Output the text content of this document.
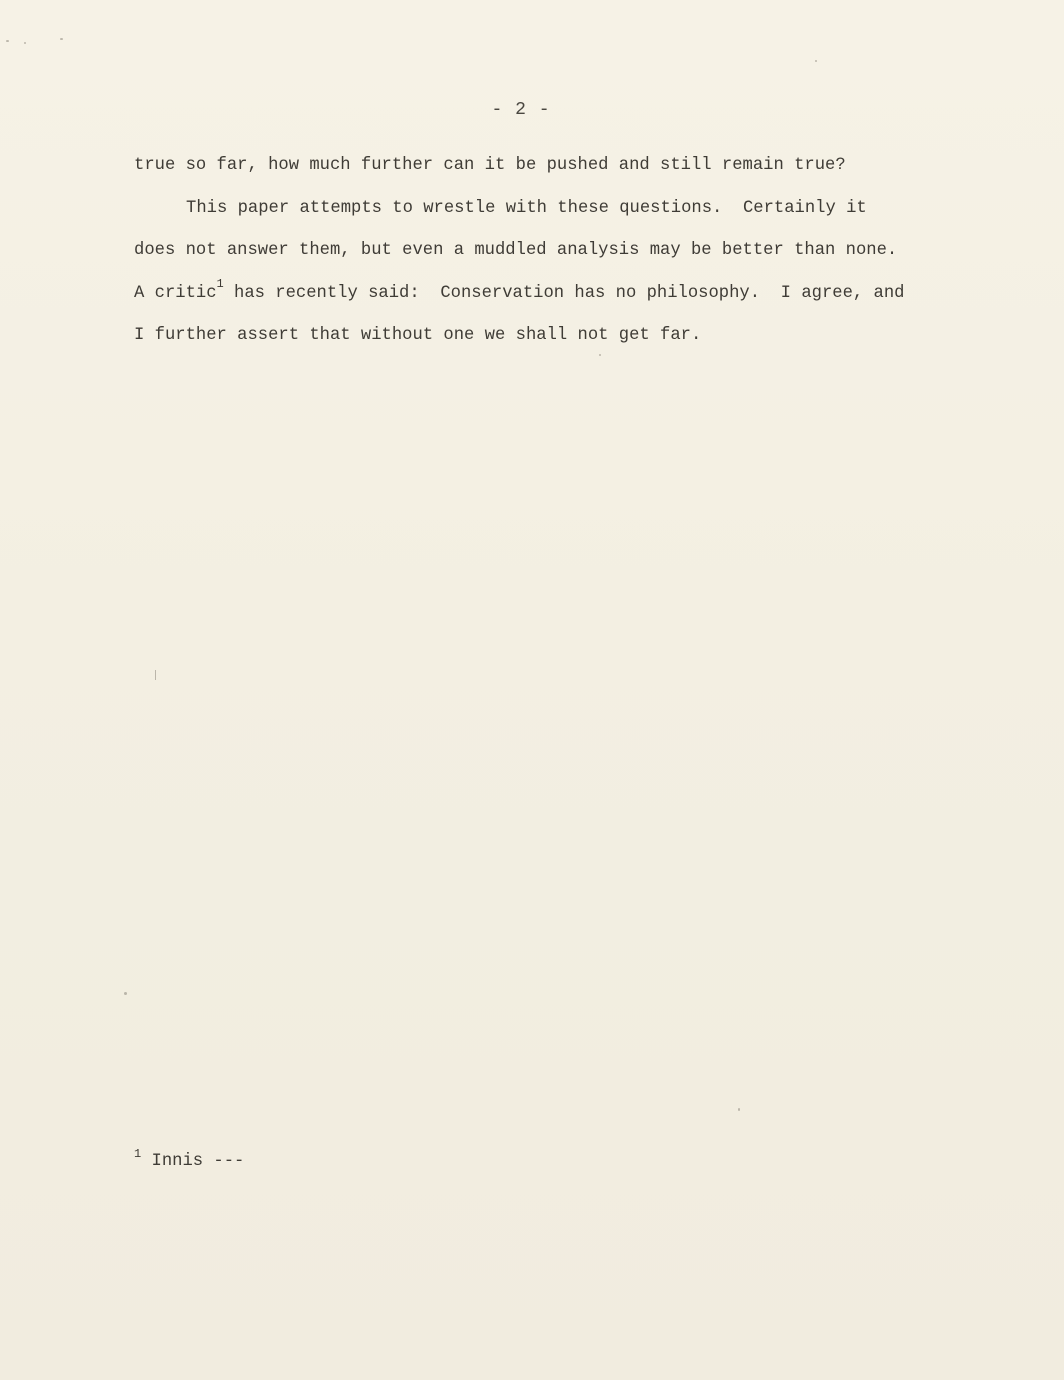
- 2 -
true so far, how much further can it be pushed and still remain true?
This paper attempts to wrestle with these questions.  Certainly it
does not answer them, but even a muddled analysis may be better than none.
A critic$^1$ has recently said:  Conservation has no philosophy.  I agree, and
I further assert that without one we shall not get far.
$^1$ Innis ---
